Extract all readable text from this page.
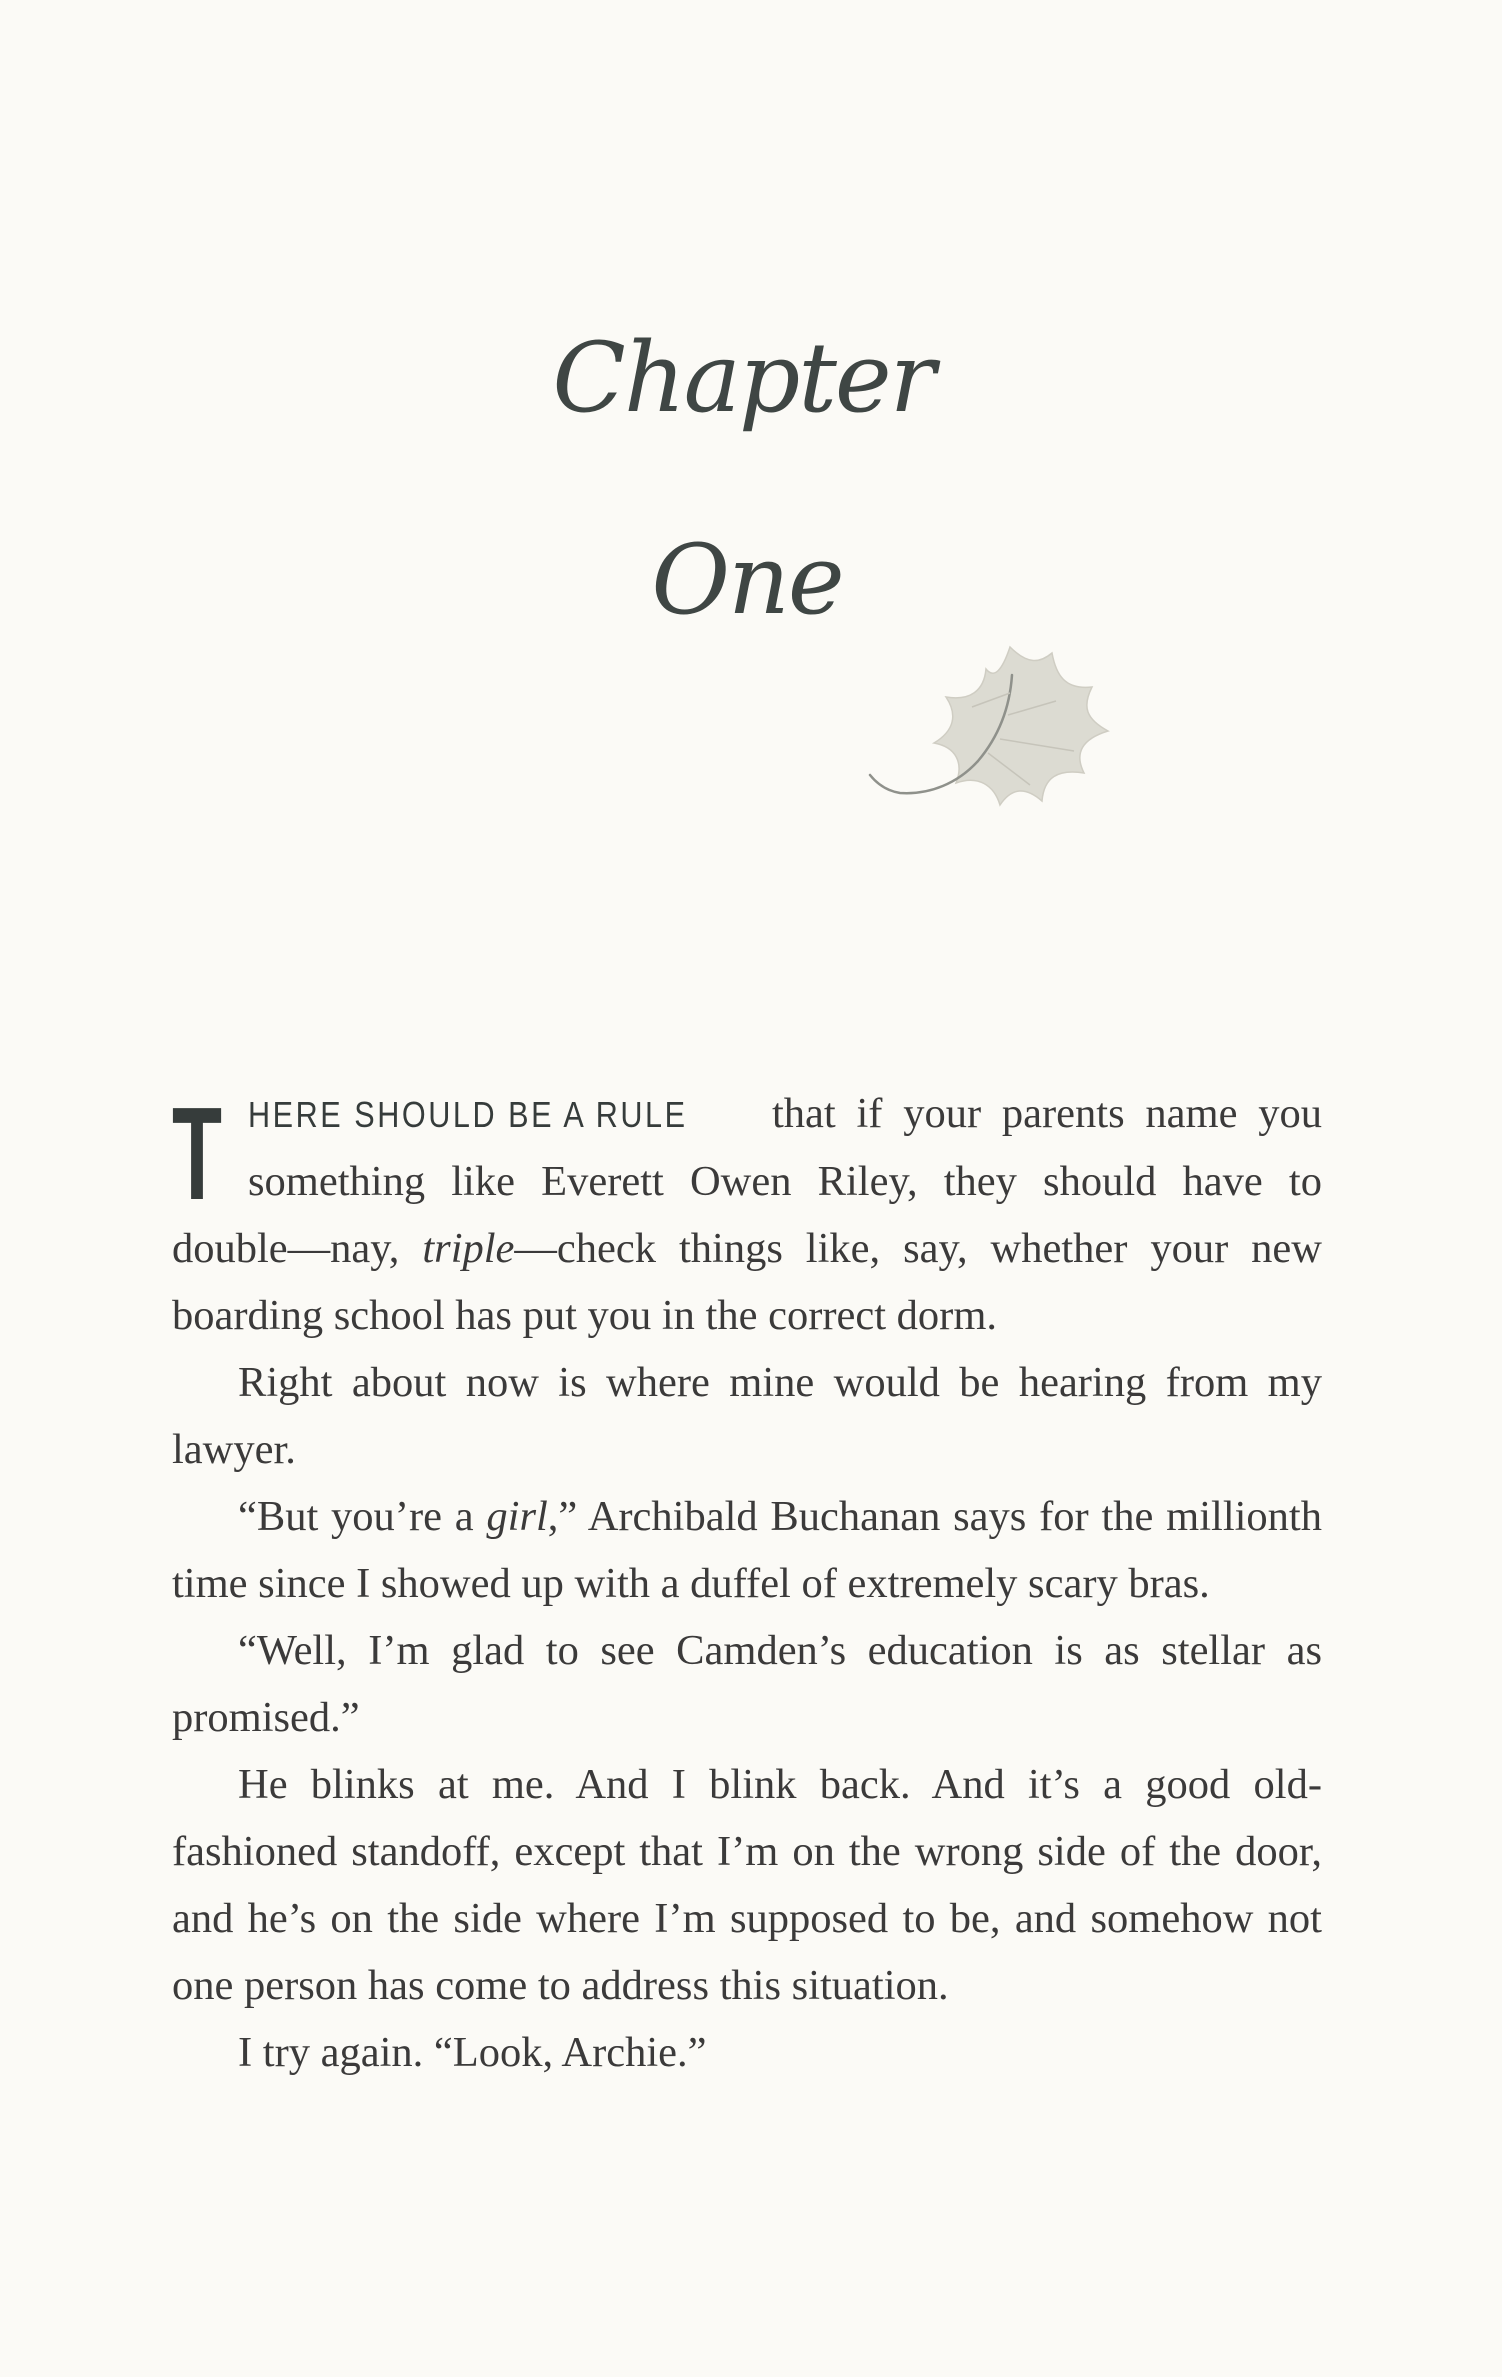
Chapter
One

T HERE SHOULD BE A RULE that if your parents name you something like Everett Owen Riley, they should have to double—nay, triple—check things like, say, whether your new boarding school has put you in the correct dorm.

Right about now is where mine would be hearing from my lawyer.

“But you’re a girl,” Archibald Buchanan says for the millionth time since I showed up with a duffel of extremely scary bras.

“Well, I’m glad to see Camden’s education is as stellar as promised.”

He blinks at me. And I blink back. And it’s a good old-fashioned standoff, except that I’m on the wrong side of the door, and he’s on the side where I’m supposed to be, and somehow not one person has come to address this situation.

I try again. “Look, Archie.”
